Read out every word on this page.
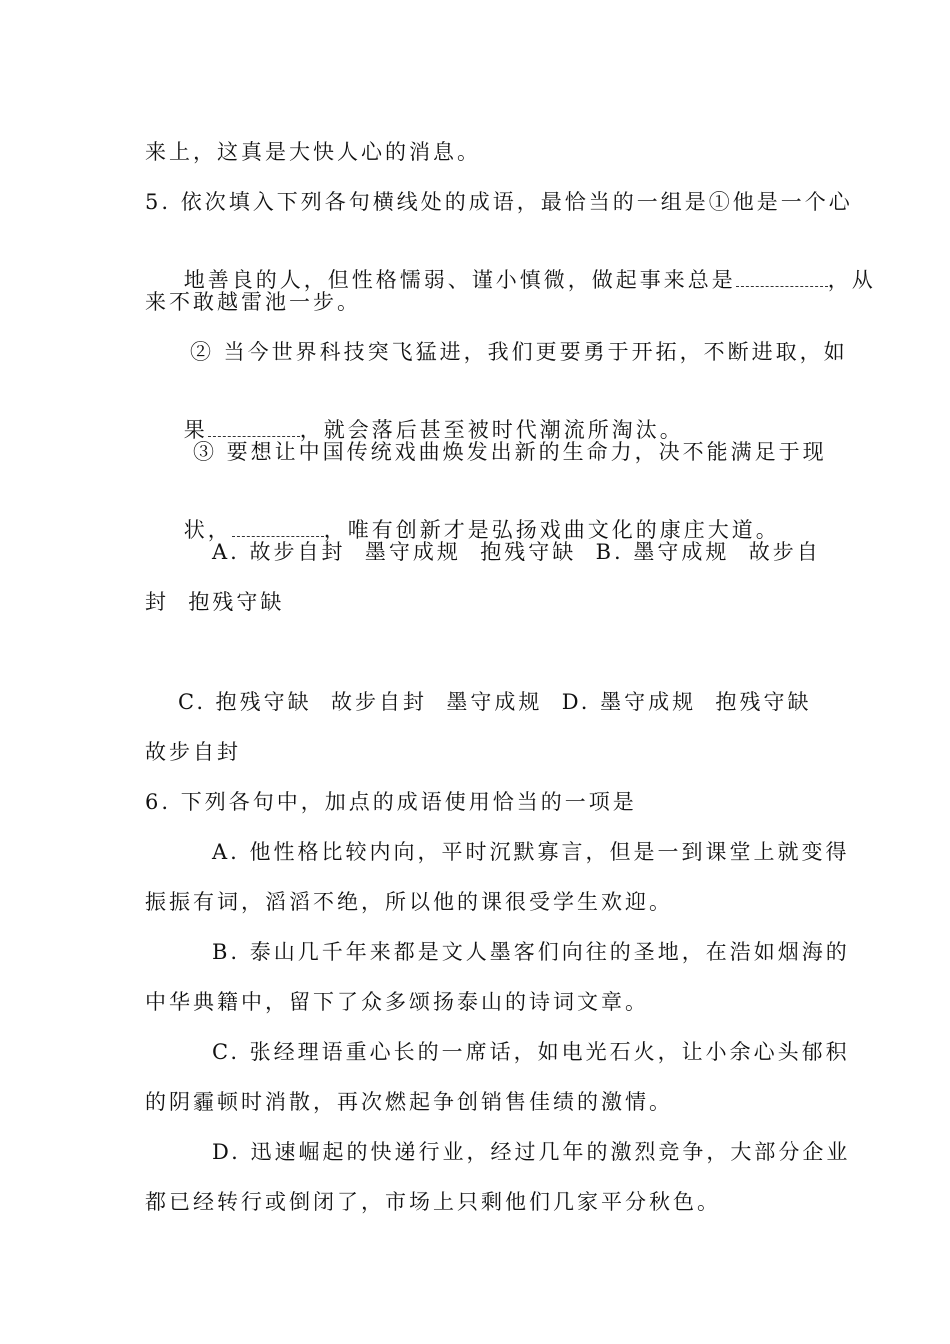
来上，这真是大快人心的消息。
5. 依次填入下列各句横线处的成语，最恰当的一组是①他是一个心

地善良的人，但性格懦弱、谨小慎微，做起事来总是	，从

来不敢越雷池一步。
② 当今世界科技突飞猛进，我们更要勇于开拓，不断进取，如

果	，就会落后甚至被时代潮流所淘汰。

③ 要想让中国传统戏曲焕发出新的生命力，决不能满足于现

状，	，唯有创新才是弘扬戏曲文化的康庄大道。

A. 故步自封  墨守成规  抱残守缺  B. 墨守成规  故步自
封  抱残守缺
C. 抱残守缺  故步自封  墨守成规  D. 墨守成规  抱残守缺
故步自封
6. 下列各句中，加点的成语使用恰当的一项是
A. 他性格比较内向，平时沉默寡言，但是一到课堂上就变得
振振有词，滔滔不绝，所以他的课很受学生欢迎。
B. 泰山几千年来都是文人墨客们向往的圣地，在浩如烟海的
中华典籍中，留下了众多颂扬泰山的诗词文章。
C. 张经理语重心长的一席话，如电光石火，让小余心头郁积
的阴霾顿时消散，再次燃起争创销售佳绩的激情。
D. 迅速崛起的快递行业，经过几年的激烈竞争，大部分企业
都已经转行或倒闭了，市场上只剩他们几家平分秋色。
